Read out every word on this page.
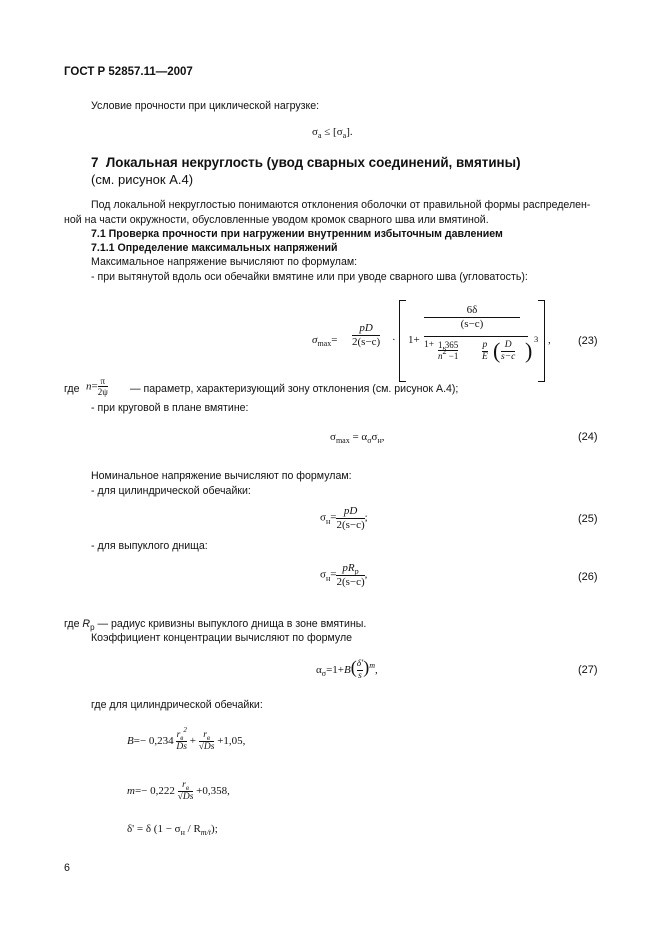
ГОСТ Р 52857.11—2007
Условие прочности при циклической нагрузке:
$\sigma_a \le [\sigma_a]$.
7 Локальная некруглость (увод сварных соединений, вмятины)
(см. рисунок А.4)
Под локальной некруглостью понимаются отклонения оболочки от правильной формы распределен-
ной на части окружности, обусловленные уводом кромок сварного шва или вмятиной.
7.1 Проверка прочности при нагружении внутренним избыточным давлением
7.1.1 Определение максимальных напряжений
Максимальное напряжение вычисляют по формулам:
- при вытянутой вдоль оси обечайки вмятине или при уводе сварного шва (угловатость):
$\sigma_{max}= \frac{pD}{2(s-c)} \cdot 1+$
$\frac{6\delta}{(s-c)}$
$1+ \frac{1,365}{n2 -1} \frac{p}{E}$ ( $\frac{D}{s-c}$ ) 3 , (23)
где $n= \frac{\pi}{2\psi}$ — параметр, характеризующий зону отклонения (см. рисунок А.4);
- при круговой в плане вмятине:
$\sigma_{max} = \alpha_\sigma\sigma_н$,	(24)
Номинальное напряжение вычисляют по формулам:
- для цилиндрической обечайки:
$\sigma_н= \frac{pD}{2(s-c)}$ ;	(25)
- для выпуклого днища:
$\sigma_н= \frac{pR_p}{2(s-c)}$ ,	(26)
где $R_p$ — радиус кривизны выпуклого днища в зоне вмятины.
Коэффициент концентрации вычисляют по формуле
$\alpha_\sigma=1+B( \frac{\delta'}{s} )^m$,	(27)
где для цилиндрической обечайки:
$B=- 0,234 \frac{r_в^2}{Ds} + \frac{r_в}{√Ds} +1,05$,
$m=- 0,222 \frac{r_в}{√Ds} +0,358$,
δ' = δ $(1 - \sigma_н / R_{m/t})$;
6
